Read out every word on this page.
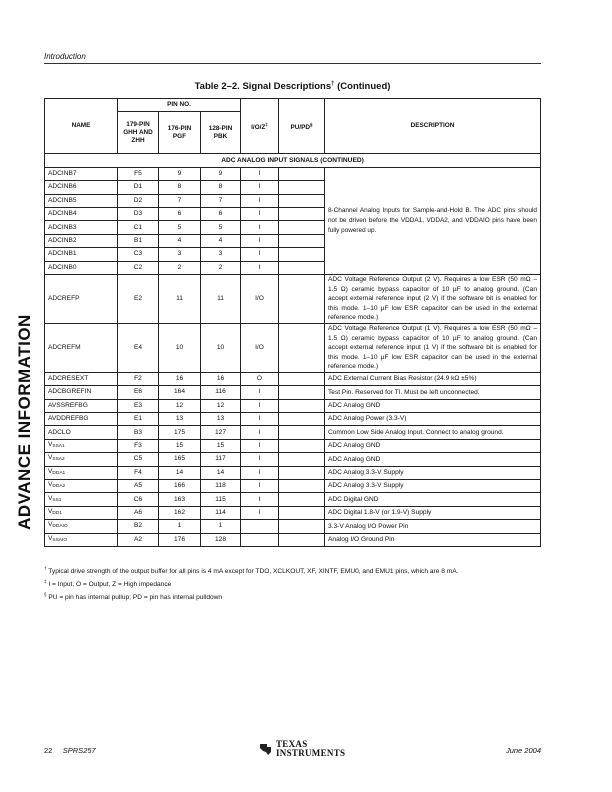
Introduction
ADVANCE INFORMATION
Table 2–2. Signal Descriptions† (Continued)
NAME	PIN NO.			I/O/Z‡	PU/PD§	DESCRIPTION
	179-PIN GHH AND ZHH	176-PIN PGF	128-PIN PBK			
ADC ANALOG INPUT SIGNALS (CONTINUED)						
ADCINB7	F5	9	9	I		8-Channel Analog Inputs for Sample-and-Hold B. The ADC pins should not be driven before the VDDA1, VDDA2, and VDDAIO pins have been fully powered up.
ADCINB6	D1	8	8	I		
ADCINB5	D2	7	7	I		
ADCINB4	D3	6	6	I		
ADCINB3	C1	5	5	I		
ADCINB2	B1	4	4	I		
ADCINB1	C3	3	3	I		
ADCINB0	C2	2	2	I		
ADCREFP	E2	11	11	I/O		ADC Voltage Reference Output (2 V). Requires a low ESR (50 mΩ – 1.5 Ω) ceramic bypass capacitor of 10 µF to analog ground. (Can accept external reference input (2 V) if the software bit is enabled for this mode. 1–10 µF low ESR capacitor can be used in the external reference mode.)
ADCREFM	E4	10	10	I/O		ADC Voltage Reference Output (1 V). Requires a low ESR (50 mΩ – 1.5 Ω) ceramic bypass capacitor of 10 µF to analog ground. (Can accept external reference input (1 V) if the software bit is enabled for this mode. 1–10 µF low ESR capacitor can be used in the external reference mode.)
ADCRESEXT	F2	16	16	O		ADC External Current Bias Resistor (24.9 kΩ ±5%)
ADCBGREFIN	E6	164	116	I		Test Pin. Reserved for TI. Must be left unconnected.
AVSSREFBG	E3	12	12	I		ADC Analog GND
AVDDREFBG	E1	13	13	I		ADC Analog Power (3.3-V)
ADCLO	B3	175	127	I		Common Low Side Analog Input. Connect to analog ground.
$V_{SSA1}$	F3	15	15	I		ADC Analog GND
$V_{SSA2}$	C5	165	117	I		ADC Analog GND
$V_{DDA1}$	F4	14	14	I		ADC Analog 3.3-V Supply
$V_{DDA2}$	A5	166	118	I		ADC Analog 3.3-V Supply
$V_{SS1}$	C6	163	115	I		ADC Digital GND
$V_{DD1}$	A6	162	114	I		ADC Digital 1.8-V (or 1.9-V) Supply
$V_{DDAIO}$	B2	1	1			3.3-V Analog I/O Power Pin
$V_{SSAIO}$	A2	176	128			Analog I/O Ground Pin
† Typical drive strength of the output buffer for all pins is 4 mA except for TDO, XCLKOUT, XF, XINTF, EMU0, and EMU1 pins, which are 8 mA.
‡ I = Input, O = Output, Z = High impedance
§ PU = pin has internal pullup; PD = pin has internal pulldown
22 SPRS257
TEXAS
INSTRUMENTS	June 2004
